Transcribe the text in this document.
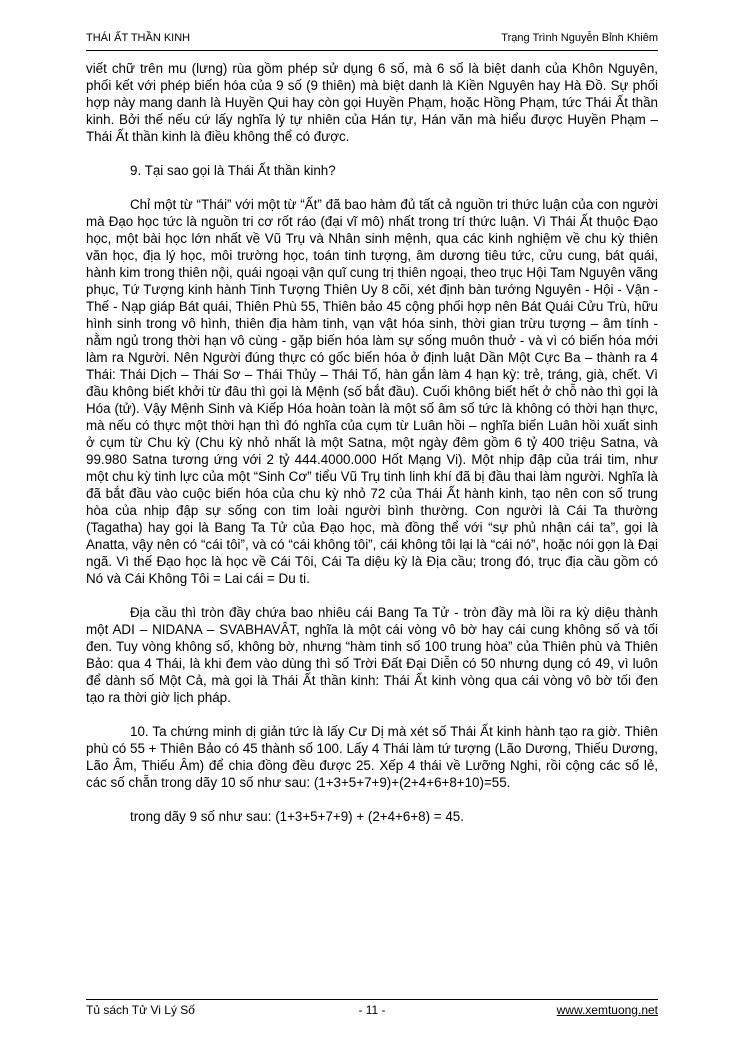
THÁI ẤT THẦN KINH	Trạng Trình Nguyễn Bỉnh Khiêm

viết chữ trên mu (lưng) rùa gồm phép sử dụng 6 số, mà 6 số là biệt danh của Khôn Nguyên, phối kết với phép biến hóa của 9 số (9 thiên) mà biệt danh là Kiền Nguyên hay Hà Đồ. Sự phối hợp này mang danh là Huyền Qui hay còn gọi Huyền Phạm, hoặc Hồng Phạm, tức Thái Ất thần kinh. Bởi thế nếu cứ lấy nghĩa lý tự nhiên của Hán tự, Hán văn mà hiểu được Huyền Phạm – Thái Ất thần kinh là điều không thể có được.

9. Tại sao gọi là Thái Ất thần kinh?

Chỉ một từ “Thái” với một từ “Ất” đã bao hàm đủ tất cả nguồn tri thức luận của con người mà Đạo học tức là nguồn tri cơ rốt ráo (đại vĩ mô) nhất trong trí thức luận. Vì Thái Ất thuộc Đạo học, một bài học lớn nhất về Vũ Trụ và Nhân sinh mệnh, qua các kinh nghiệm về chu kỳ thiên văn học, địa lý học, môi trường học, toán tinh tượng, âm dương tiêu tức, cửu cung, bát quái, hành kim trong thiên nội, quái ngoại vận quĩ cung trị thiên ngoại, theo trục Hội Tam Nguyên vãng phục, Tứ Tượng kinh hành Tinh Tượng Thiên Uy 8 cõi, xét định bàn tướng Nguyên - Hội - Vận - Thế - Nạp giáp Bát quái, Thiên Phù 55, Thiên bảo 45 cộng phối hợp nên Bát Quái Cửu Trù, hữu hình sinh trong vô hình, thiên địa hàm tinh, vạn vật hóa sinh, thời gian trừu tượng – âm tính - nằm ngủ trong thời hạn vô cùng - gặp biến hóa làm sự sống muôn thuở - và vì có biến hóa mới làm ra Người. Nên Người đúng thực có gốc biến hóa ở định luật Dần Một Cực Ba – thành ra 4 Thái: Thái Dịch – Thái Sơ – Thái Thủy – Thái Tố, hàn gắn làm 4 hạn kỳ: trẻ, tráng, già, chết. Vì đầu không biết khởi từ đâu thì gọi là Mệnh (số bắt đầu). Cuối không biết hết ở chỗ nào thì gọi là Hóa (tử). Vậy Mệnh Sinh và Kiếp Hóa hoàn toàn là một số âm số tức là không có thời hạn thực, mà nếu có thực một thời hạn thì đó nghĩa của cụm từ Luân hồi – nghĩa biến Luân hồi xuất sinh ở cụm từ Chu kỳ (Chu kỳ nhỏ nhất là một Satna, một ngày đêm gồm 6 tỷ 400 triệu Satna, và 99.980 Satna tương ứng với 2 tỷ 444.4000.000 Hốt Mạng Vi). Một nhịp đập của trái tim, như một chu kỳ tinh lực của một “Sinh Cơ” tiểu Vũ Trụ tinh linh khí đã bị đầu thai làm người. Nghĩa là đã bắt đầu vào cuộc biến hóa của chu kỳ nhỏ 72 của Thái Ất hành kinh, tạo nên con số trung hòa của nhịp đập sự sống con tim loài người bình thường. Con người là Cái Ta thường (Tagatha) hay gọi là Bang Ta Tử của Đạo học, mà đồng thể với “sự phủ nhận cái ta”, gọi là Anatta, vậy nên có “cái tôi”, và có “cái không tôi”, cái không tôi lại là “cái nó”, hoặc nói gọn là Đại ngã. Vì thế Đạo học là học về Cái Tôi, Cái Ta diệu kỳ là Địa cầu; trong đó, trục địa cầu gồm có Nó và Cái Không Tôi = Lai cái = Du ti.

Địa cầu thì tròn đầy chứa bao nhiêu cái Bang Ta Tử - tròn đầy mà lồi ra kỳ diệu thành một ADI – NIDANA – SVABHAVÂT, nghĩa là một cái vòng vô bờ hay cái cung không số và tối đen. Tuy vòng không số, không bờ, nhưng “hàm tinh số 100 trung hòa” của Thiên phù và Thiên Bảo: qua 4 Thái, là khi đem vào dùng thì số Trời Đất Đại Diễn có 50 nhưng dụng có 49, vì luôn để dành số Một Cả, mà gọi là Thái Ất thần kinh: Thái Ất kinh vòng qua cái vòng vô bờ tối đen tạo ra thời giờ lịch pháp.

10. Ta chứng minh dị giản tức là lấy Cư Dị mà xét số Thái Ất kinh hành tạo ra giờ. Thiên phù có 55 + Thiên Bảo có 45 thành số 100. Lấy 4 Thái làm tứ tượng (Lão Dương, Thiếu Dương, Lão Âm, Thiếu Âm) để chia đồng đều được 25. Xếp 4 thái về Lưỡng Nghi, rồi cộng các số lẻ, các số chẵn trong dãy 10 số như sau: (1+3+5+7+9)+(2+4+6+8+10)=55.

trong dãy 9 số như sau: (1+3+5+7+9) + (2+4+6+8) = 45.

Tủ sách Tử Vi Lý Số	- 11 -	www.xemtuong.net
